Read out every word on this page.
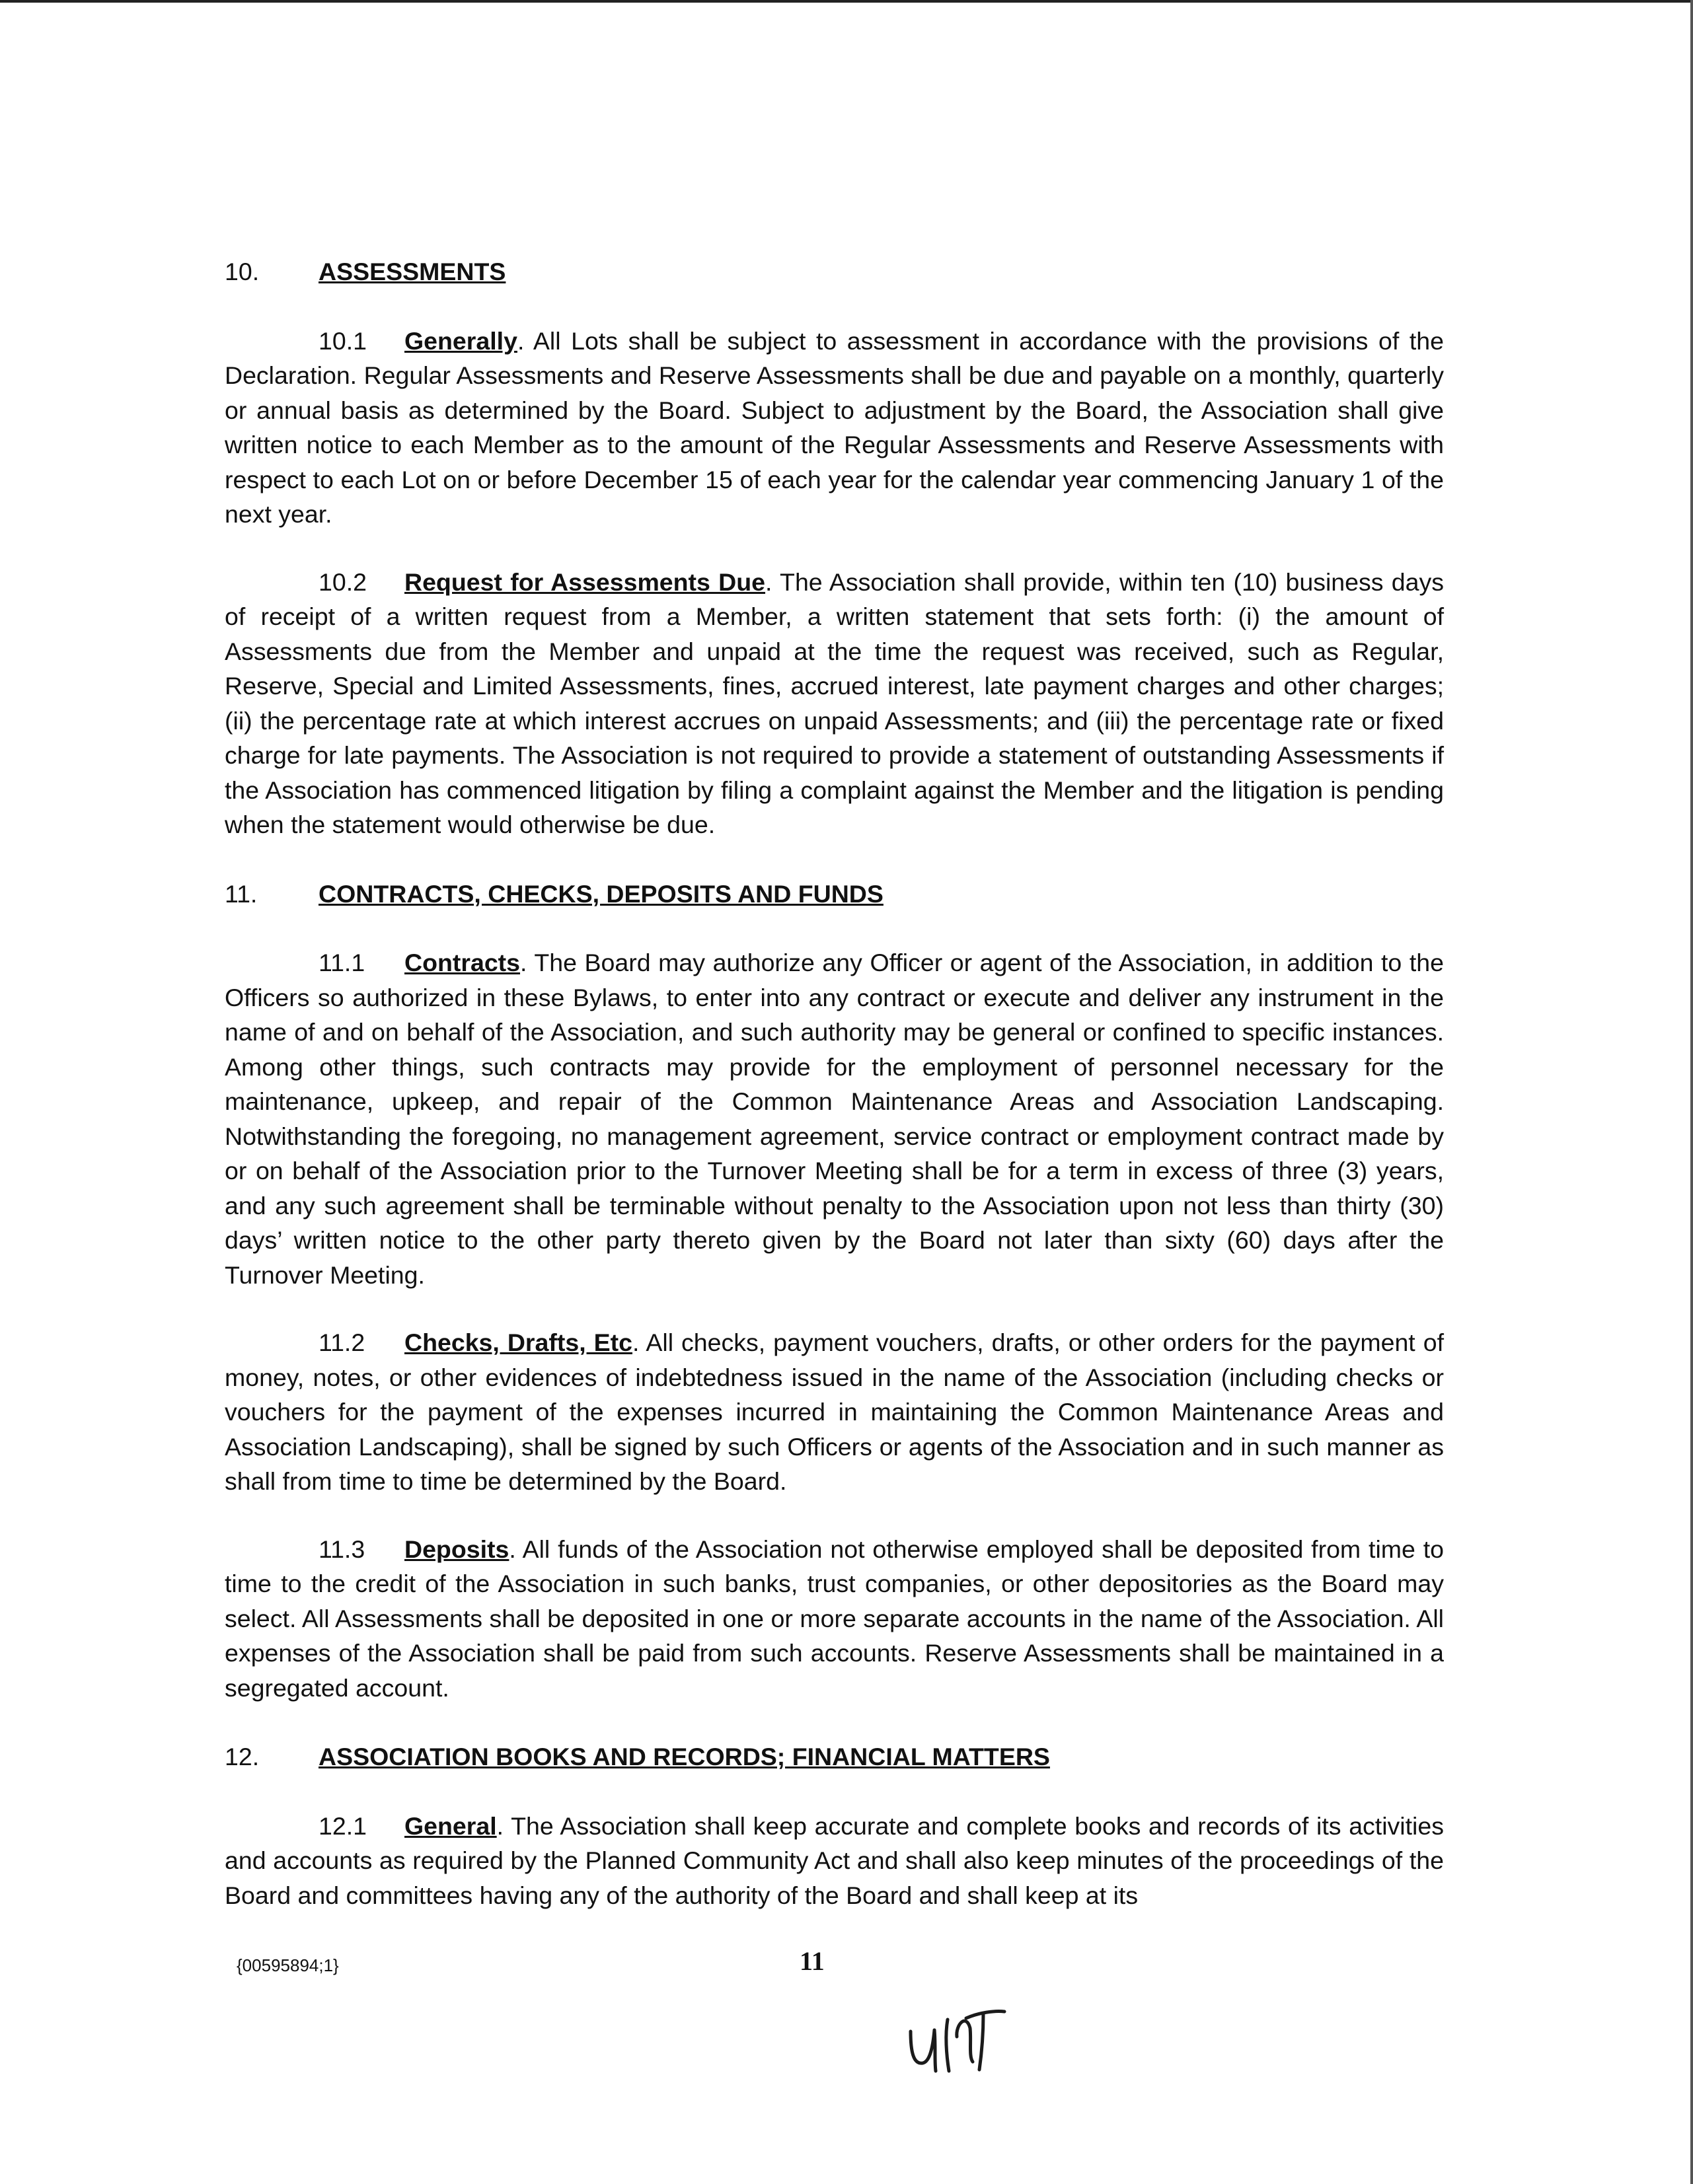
10.	ASSESSMENTS

10.1 Generally. All Lots shall be subject to assessment in accordance with the provisions of the Declaration. Regular Assessments and Reserve Assessments shall be due and payable on a monthly, quarterly or annual basis as determined by the Board. Subject to adjustment by the Board, the Association shall give written notice to each Member as to the amount of the Regular Assessments and Reserve Assessments with respect to each Lot on or before December 15 of each year for the calendar year commencing January 1 of the next year.

10.2 Request for Assessments Due. The Association shall provide, within ten (10) business days of receipt of a written request from a Member, a written statement that sets forth: (i) the amount of Assessments due from the Member and unpaid at the time the request was received, such as Regular, Reserve, Special and Limited Assessments, fines, accrued interest, late payment charges and other charges; (ii) the percentage rate at which interest accrues on unpaid Assessments; and (iii) the percentage rate or fixed charge for late payments. The Association is not required to provide a statement of outstanding Assessments if the Association has commenced litigation by filing a complaint against the Member and the litigation is pending when the statement would otherwise be due.

11.	CONTRACTS, CHECKS, DEPOSITS AND FUNDS

11.1 Contracts. The Board may authorize any Officer or agent of the Association, in addition to the Officers so authorized in these Bylaws, to enter into any contract or execute and deliver any instrument in the name of and on behalf of the Association, and such authority may be general or confined to specific instances. Among other things, such contracts may provide for the employment of personnel necessary for the maintenance, upkeep, and repair of the Common Maintenance Areas and Association Landscaping. Notwithstanding the foregoing, no management agreement, service contract or employment contract made by or on behalf of the Association prior to the Turnover Meeting shall be for a term in excess of three (3) years, and any such agreement shall be terminable without penalty to the Association upon not less than thirty (30) days’ written notice to the other party thereto given by the Board not later than sixty (60) days after the Turnover Meeting.

11.2 Checks, Drafts, Etc. All checks, payment vouchers, drafts, or other orders for the payment of money, notes, or other evidences of indebtedness issued in the name of the Association (including checks or vouchers for the payment of the expenses incurred in maintaining the Common Maintenance Areas and Association Landscaping), shall be signed by such Officers or agents of the Association and in such manner as shall from time to time be determined by the Board.

11.3 Deposits. All funds of the Association not otherwise employed shall be deposited from time to time to the credit of the Association in such banks, trust companies, or other depositories as the Board may select. All Assessments shall be deposited in one or more separate accounts in the name of the Association. All expenses of the Association shall be paid from such accounts. Reserve Assessments shall be maintained in a segregated account.

12.	ASSOCIATION BOOKS AND RECORDS; FINANCIAL MATTERS

12.1 General. The Association shall keep accurate and complete books and records of its activities and accounts as required by the Planned Community Act and shall also keep minutes of the proceedings of the Board and committees having any of the authority of the Board and shall keep at its

{00595894;1}	11
